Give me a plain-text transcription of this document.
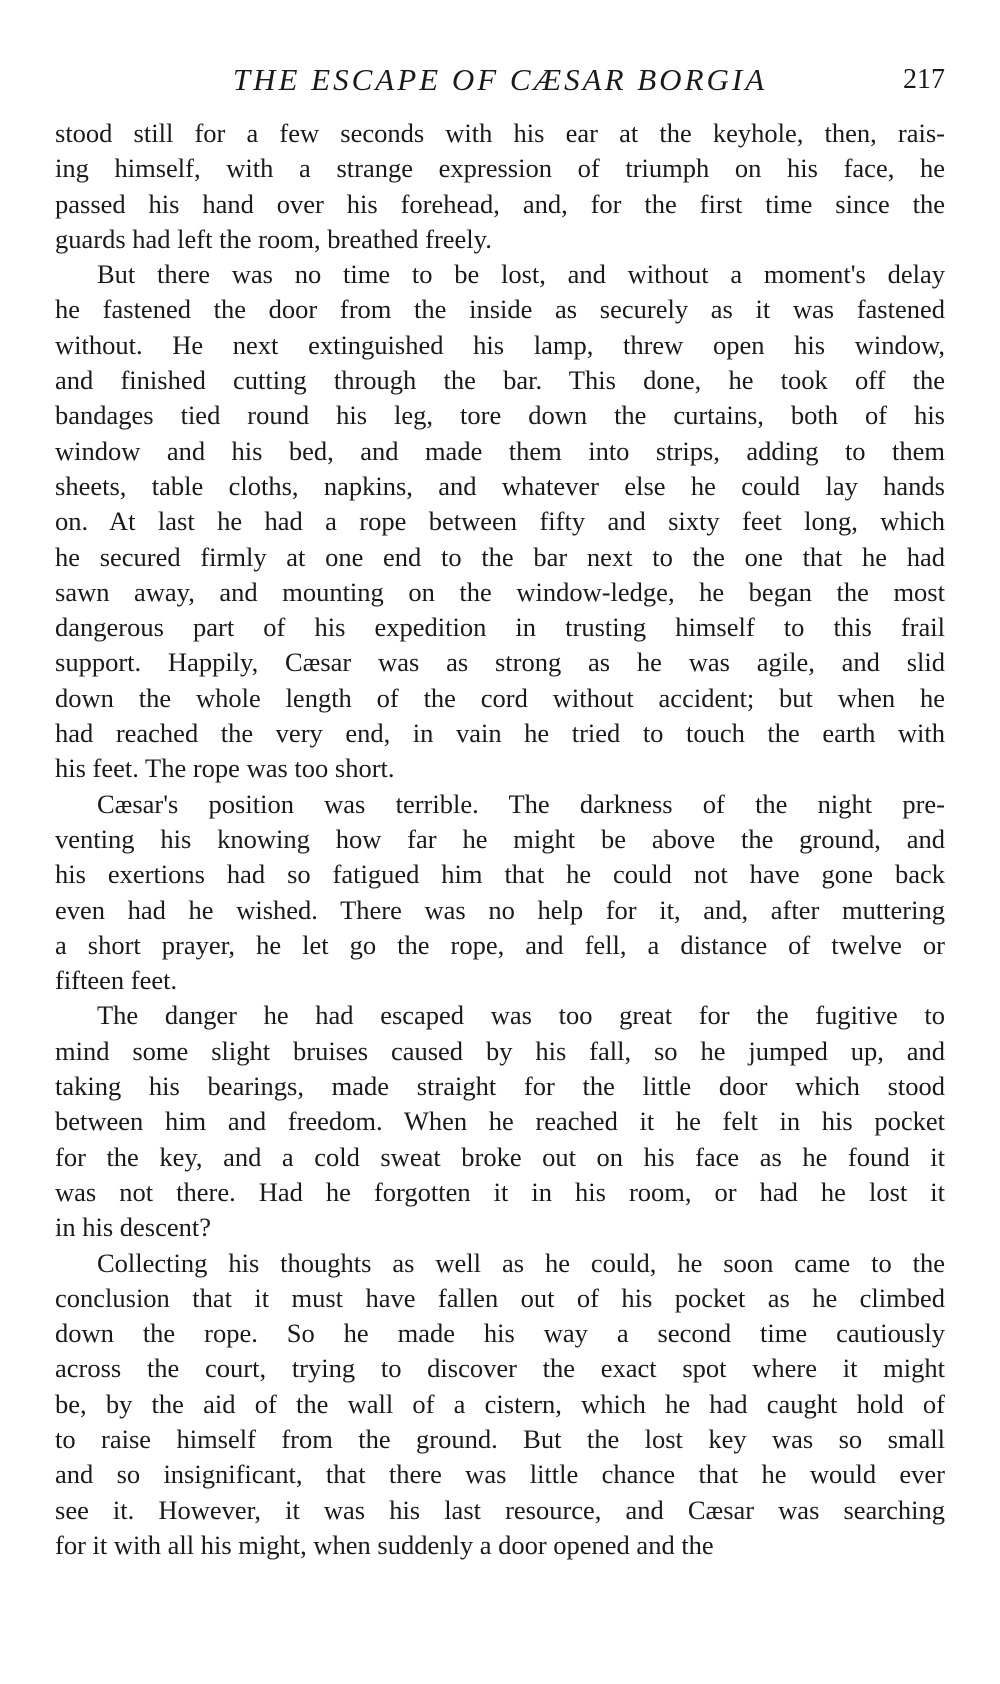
THE ESCAPE OF CÆSAR BORGIA	217
stood still for a few seconds with his ear at the keyhole, then, rais-
ing himself, with a strange expression of triumph on his face, he
passed his hand over his forehead, and, for the first time since the
guards had left the room, breathed freely.
But there was no time to be lost, and without a moment's delay
he fastened the door from the inside as securely as it was fastened
without. He next extinguished his lamp, threw open his window,
and finished cutting through the bar. This done, he took off the
bandages tied round his leg, tore down the curtains, both of his
window and his bed, and made them into strips, adding to them
sheets, table cloths, napkins, and whatever else he could lay hands
on. At last he had a rope between fifty and sixty feet long, which
he secured firmly at one end to the bar next to the one that he had
sawn away, and mounting on the window-ledge, he began the most
dangerous part of his expedition in trusting himself to this frail
support. Happily, Cæsar was as strong as he was agile, and slid
down the whole length of the cord without accident; but when he
had reached the very end, in vain he tried to touch the earth with
his feet. The rope was too short.
Cæsar's position was terrible. The darkness of the night pre-
venting his knowing how far he might be above the ground, and
his exertions had so fatigued him that he could not have gone back
even had he wished. There was no help for it, and, after muttering
a short prayer, he let go the rope, and fell, a distance of twelve or
fifteen feet.
The danger he had escaped was too great for the fugitive to
mind some slight bruises caused by his fall, so he jumped up, and
taking his bearings, made straight for the little door which stood
between him and freedom. When he reached it he felt in his pocket
for the key, and a cold sweat broke out on his face as he found it
was not there. Had he forgotten it in his room, or had he lost it
in his descent?
Collecting his thoughts as well as he could, he soon came to the
conclusion that it must have fallen out of his pocket as he climbed
down the rope. So he made his way a second time cautiously
across the court, trying to discover the exact spot where it might
be, by the aid of the wall of a cistern, which he had caught hold of
to raise himself from the ground. But the lost key was so small
and so insignificant, that there was little chance that he would ever
see it. However, it was his last resource, and Cæsar was searching
for it with all his might, when suddenly a door opened and the
